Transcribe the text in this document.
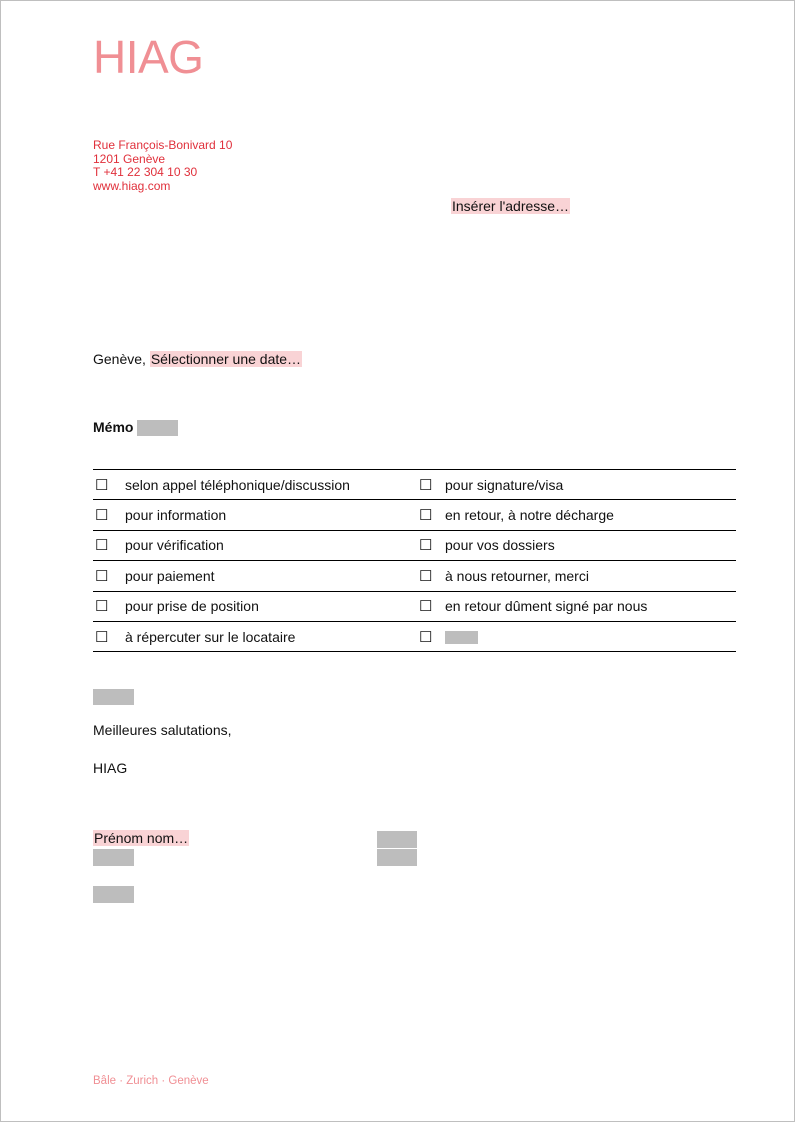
HIAG
Rue François-Bonivard 10
1201 Genève
T +41 22 304 10 30
www.hiag.com
Insérer l'adresse…
Genève, Sélectionner une date…
Mémo
☐	selon appel téléphonique/discussion	☐	pour signature/visa
☐	pour information	☐	en retour, à notre décharge
☐	pour vérification	☐	pour vos dossiers
☐	pour paiement	☐	à nous retourner, merci
☐	pour prise de position	☐	en retour dûment signé par nous
☐	à répercuter sur le locataire	☐	
Meilleures salutations,
HIAG
Prénom nom…
Bâle · Zurich · Genève
